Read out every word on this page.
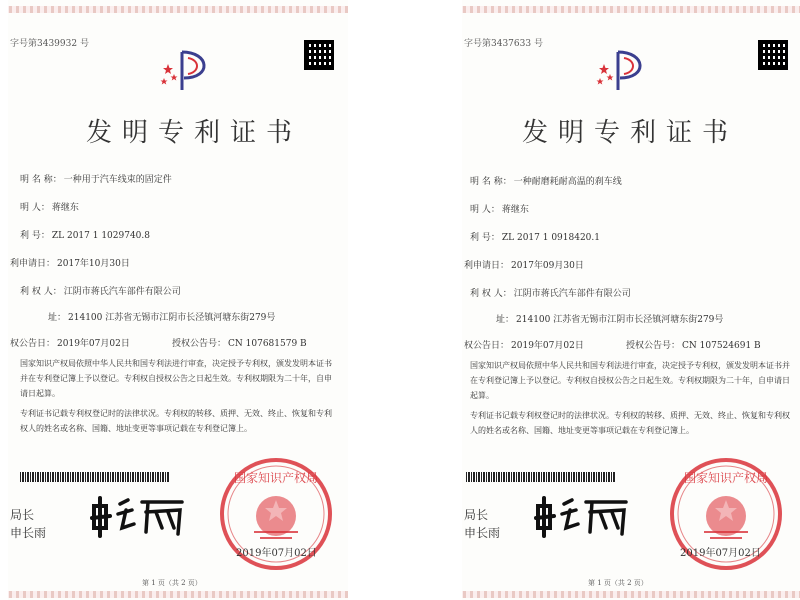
字号第3439932 号
发明专利证书
明 名 称： 一种用于汽车线束的固定件
明 人： 蒋继东
利 号： ZL 2017 1 1029740.8
利申请日： 2017年10月30日
利 权 人： 江阴市蒋氏汽车部件有限公司
址： 214100 江苏省无锡市江阴市长泾镇河塘东街279号
权公告日： 2019年07月02日	授权公告号： CN 107681579 B
国家知识产权局依照中华人民共和国专利法进行审查，决定授予专利权，颁发发明本证书并在专利登记簿上予以登记。专利权自授权公告之日起生效。专利权期限为二十年，自申请日起算。
专利证书记载专利权登记时的法律状况。专利权的转移、质押、无效、终止、恢复和专利权人的姓名或名称、国籍、地址变更等事项记载在专利登记簿上。
局长
申长雨
国家知识产权局
2019年07月02日
第 1 页（共 2 页）
字号第3437633 号
发明专利证书
明 名 称： 一种耐磨耗耐高温的刹车线
明 人： 蒋继东
利 号： ZL 2017 1 0918420.1
利申请日： 2017年09月30日
利 权 人： 江阴市蒋氏汽车部件有限公司
址： 214100 江苏省无锡市江阴市长泾镇河塘东街279号
权公告日： 2019年07月02日	授权公告号： CN 107524691 B
国家知识产权局依照中华人民共和国专利法进行审查，决定授予专利权，颁发发明本证书并在专利登记簿上予以登记。专利权自授权公告之日起生效。专利权期限为二十年，自申请日起算。
专利证书记载专利权登记时的法律状况。专利权的转移、质押、无效、终止、恢复和专利权人的姓名或名称、国籍、地址变更等事项记载在专利登记簿上。
局长
申长雨
国家知识产权局
2019年07月02日
第 1 页（共 2 页）
